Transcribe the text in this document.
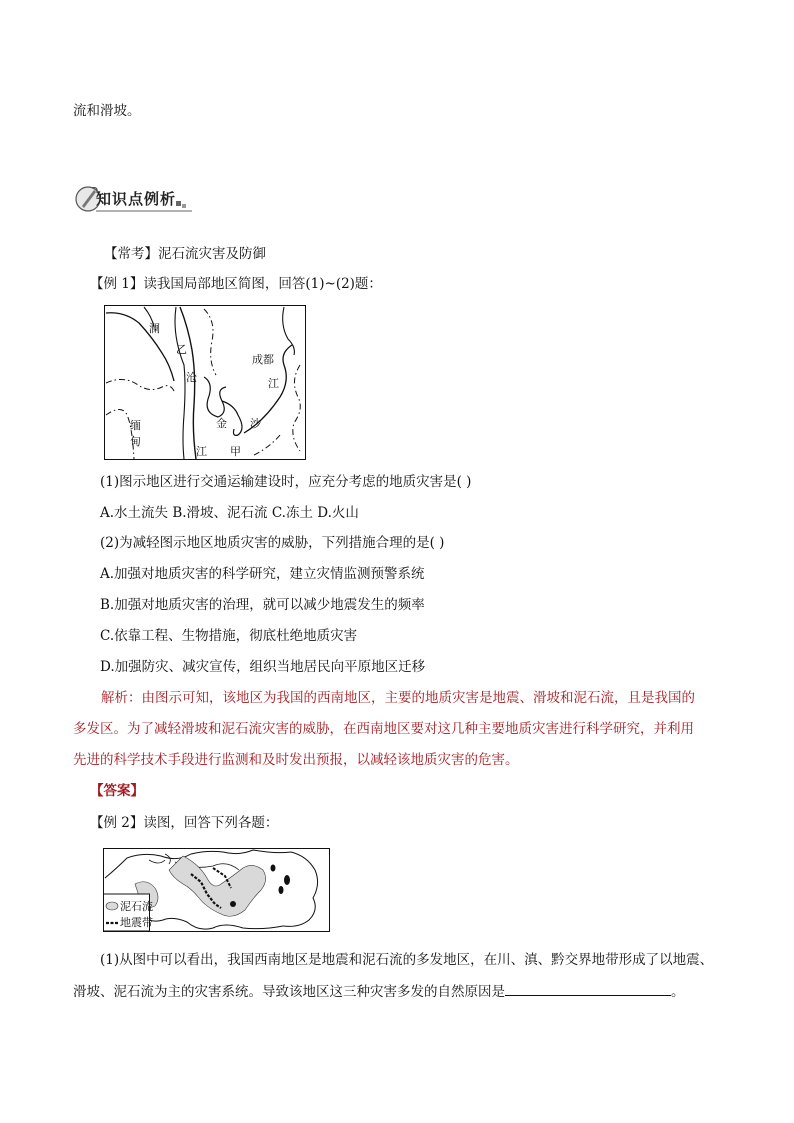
流和滑坡。
知识点例析
【常考】泥石流灾害及防御
【例 1】读我国局部地区简图，回答(1)~(2)题：
澜
乙
沧
成都
江
金 沙
缅
甸
江 甲
(1)图示地区进行交通运输建设时，应充分考虑的地质灾害是( )
A.水土流失 B.滑坡、泥石流 C.冻土 D.火山
(2)为减轻图示地区地质灾害的威胁，下列措施合理的是( )
A.加强对地质灾害的科学研究，建立灾情监测预警系统
B.加强对地质灾害的治理，就可以减少地震发生的频率
C.依靠工程、生物措施，彻底杜绝地质灾害
D.加强防灾、减灾宣传，组织当地居民向平原地区迁移
解析：由图示可知，该地区为我国的西南地区，主要的地质灾害是地震、滑坡和泥石流，且是我国的
多发区。为了减轻滑坡和泥石流灾害的威胁，在西南地区要对这几种主要地质灾害进行科学研究，并利用
先进的科学技术手段进行监测和及时发出预报，以减轻该地质灾害的危害。
【答案】
【例 2】读图，回答下列各题：
泥石流
地震带
(1)从图中可以看出，我国西南地区是地震和泥石流的多发地区，在川、滇、黔交界地带形成了以地震、
滑坡、泥石流为主的灾害系统。导致该地区这三种灾害多发的自然原因是	。
